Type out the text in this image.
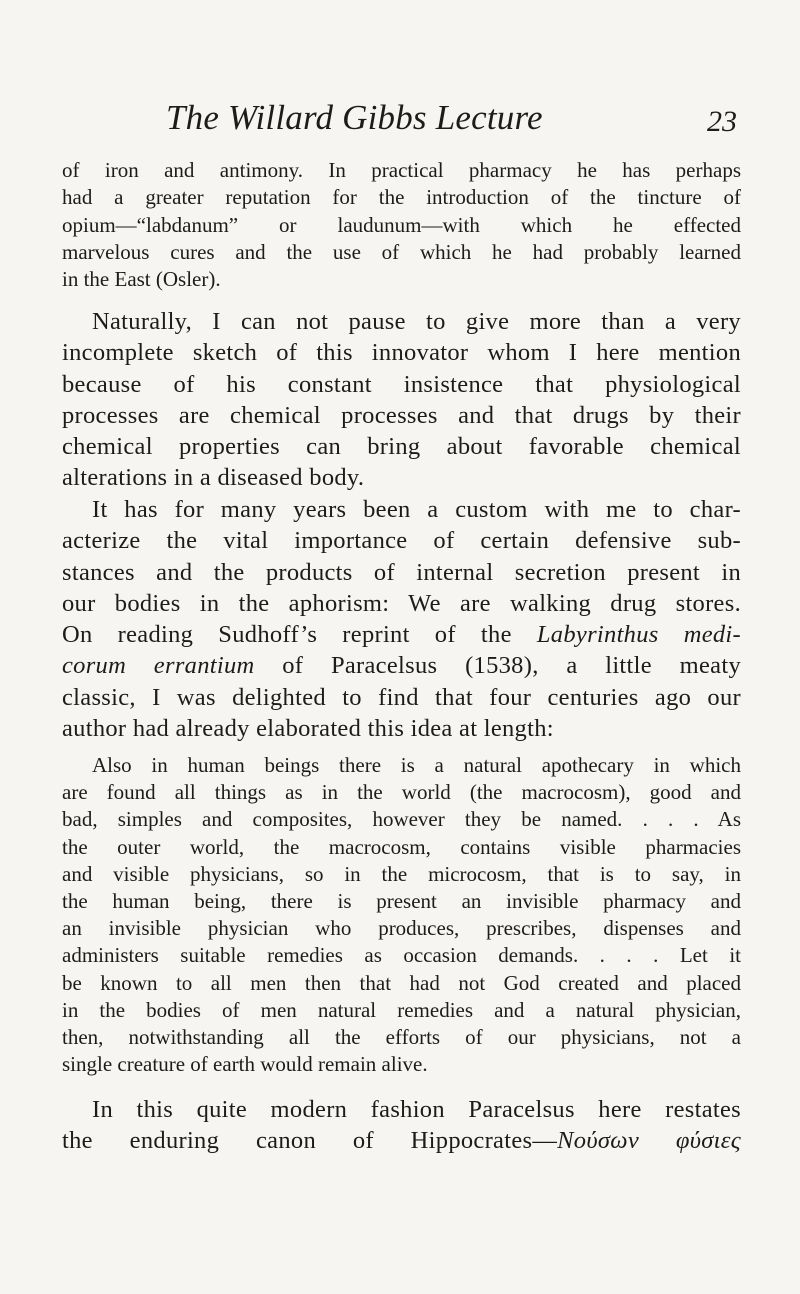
The Willard Gibbs Lecture	23
of iron and antimony. In practical pharmacy he has perhaps
had a greater reputation for the introduction of the tincture of
opium—“labdanum” or laudunum—with which he effected
marvelous cures and the use of which he had probably learned
in the East (Osler).
Naturally, I can not pause to give more than a very
incomplete sketch of this innovator whom I here mention
because of his constant insistence that physiological
processes are chemical processes and that drugs by their
chemical properties can bring about favorable chemical
alterations in a diseased body.
It has for many years been a custom with me to char-
acterize the vital importance of certain defensive sub-
stances and the products of internal secretion present in
our bodies in the aphorism: We are walking drug stores.
On reading Sudhoff’s reprint of the Labyrinthus medi-
corum errantium of Paracelsus (1538), a little meaty
classic, I was delighted to find that four centuries ago our
author had already elaborated this idea at length:
Also in human beings there is a natural apothecary in which
are found all things as in the world (the macrocosm), good and
bad, simples and composites, however they be named. . . . As
the outer world, the macrocosm, contains visible pharmacies
and visible physicians, so in the microcosm, that is to say, in
the human being, there is present an invisible pharmacy and
an invisible physician who produces, prescribes, dispenses and
administers suitable remedies as occasion demands. . . . Let it
be known to all men then that had not God created and placed
in the bodies of men natural remedies and a natural physician,
then, notwithstanding all the efforts of our physicians, not a
single creature of earth would remain alive.
In this quite modern fashion Paracelsus here restates
the enduring canon of Hippocrates—Νούσων φύσιες
